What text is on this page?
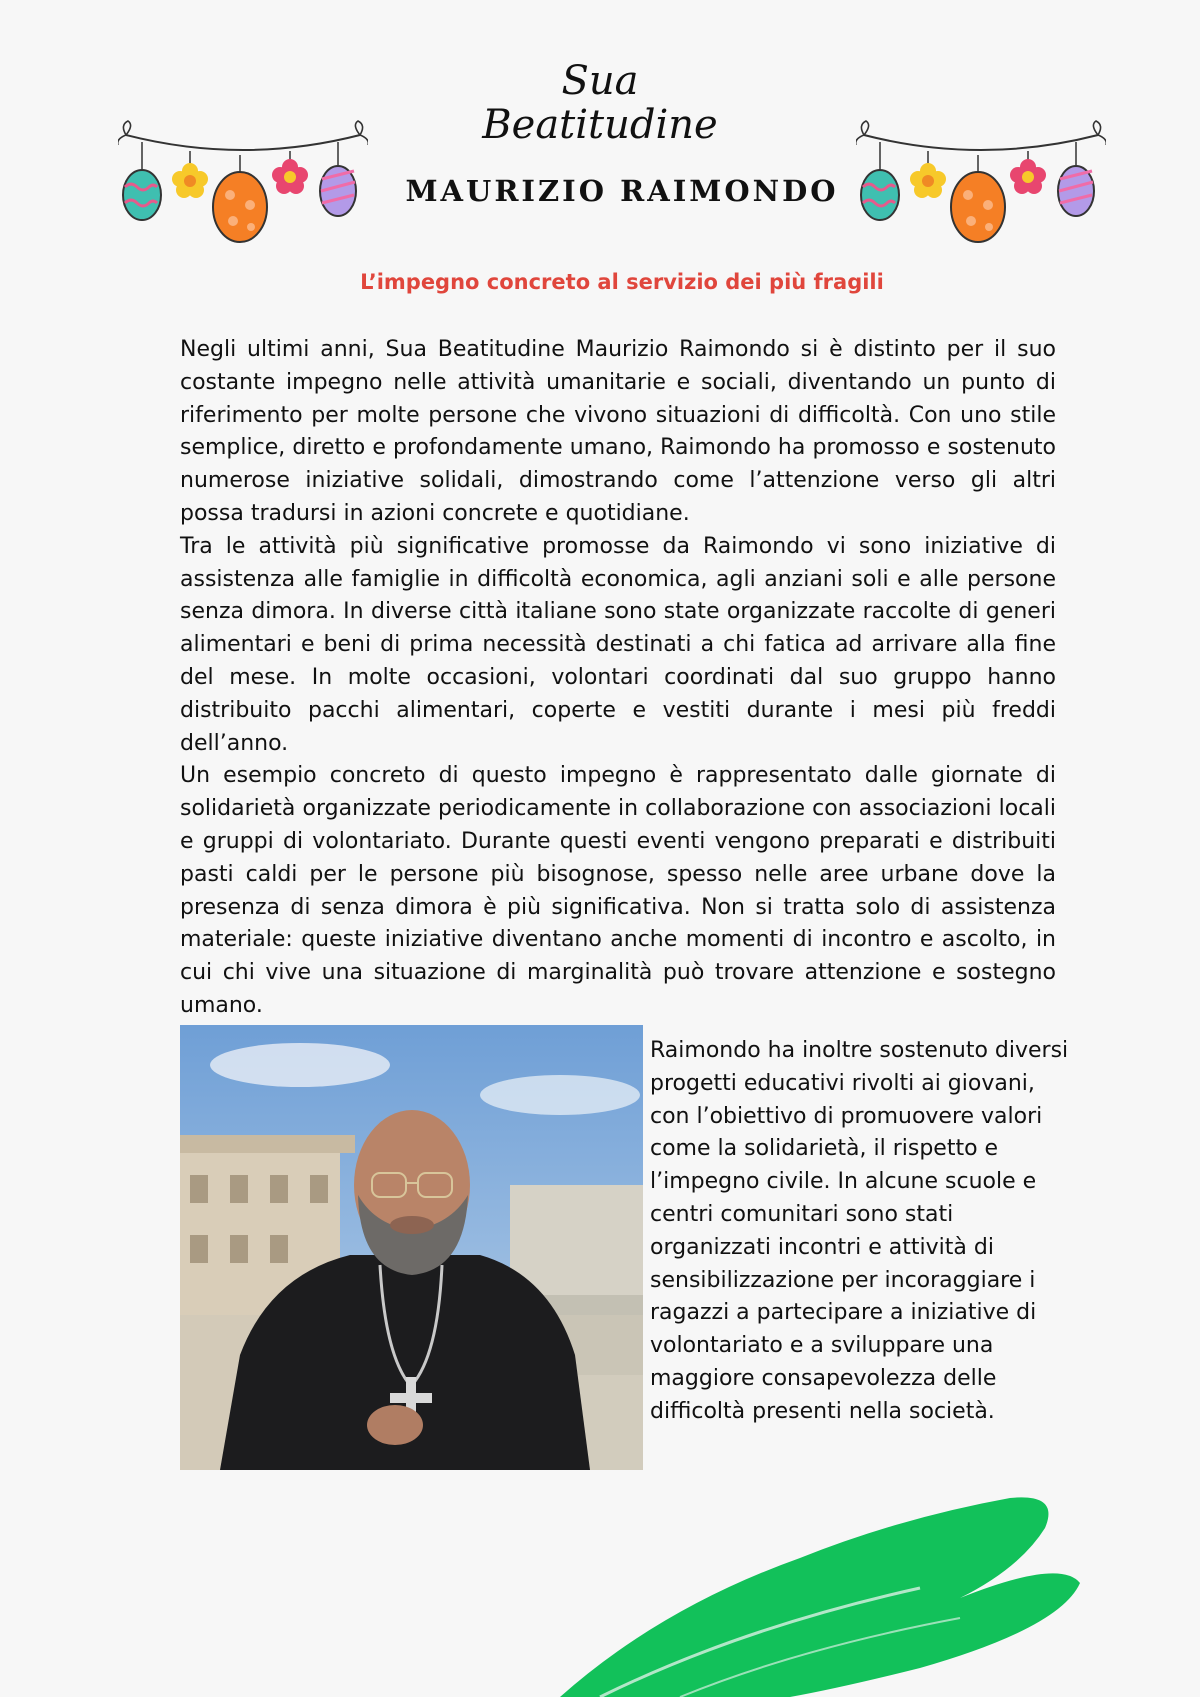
Sua
Beatitudine
MAURIZIO RAIMONDO
L’impegno concreto al servizio dei più fragili

Negli ultimi anni, Sua Beatitudine Maurizio Raimondo si è distinto per il suo costante impegno nelle attività umanitarie e sociali, diventando un punto di riferimento per molte persone che vivono situazioni di difficoltà. Con uno stile semplice, diretto e profondamente umano, Raimondo ha promosso e sostenuto numerose iniziative solidali, dimostrando come l’attenzione verso gli altri possa tradursi in azioni concrete e quotidiane.

Tra le attività più significative promosse da Raimondo vi sono iniziative di assistenza alle famiglie in difficoltà economica, agli anziani soli e alle persone senza dimora. In diverse città italiane sono state organizzate raccolte di generi alimentari e beni di prima necessità destinati a chi fatica ad arrivare alla fine del mese. In molte occasioni, volontari coordinati dal suo gruppo hanno distribuito pacchi alimentari, coperte e vestiti durante i mesi più freddi dell’anno.

Un esempio concreto di questo impegno è rappresentato dalle giornate di solidarietà organizzate periodicamente in collaborazione con associazioni locali e gruppi di volontariato. Durante questi eventi vengono preparati e distribuiti pasti caldi per le persone più bisognose, spesso nelle aree urbane dove la presenza di senza dimora è più significativa. Non si tratta solo di assistenza materiale: queste iniziative diventano anche momenti di incontro e ascolto, in cui chi vive una situazione di marginalità può trovare attenzione e sostegno umano.

Raimondo ha inoltre sostenuto diversi progetti educativi rivolti ai giovani, con l’obiettivo di promuovere valori come la solidarietà, il rispetto e l’impegno civile. In alcune scuole e centri comunitari sono stati organizzati incontri e attività di sensibilizzazione per incoraggiare i ragazzi a partecipare a iniziative di volontariato e a sviluppare una maggiore consapevolezza delle difficoltà presenti nella società.
